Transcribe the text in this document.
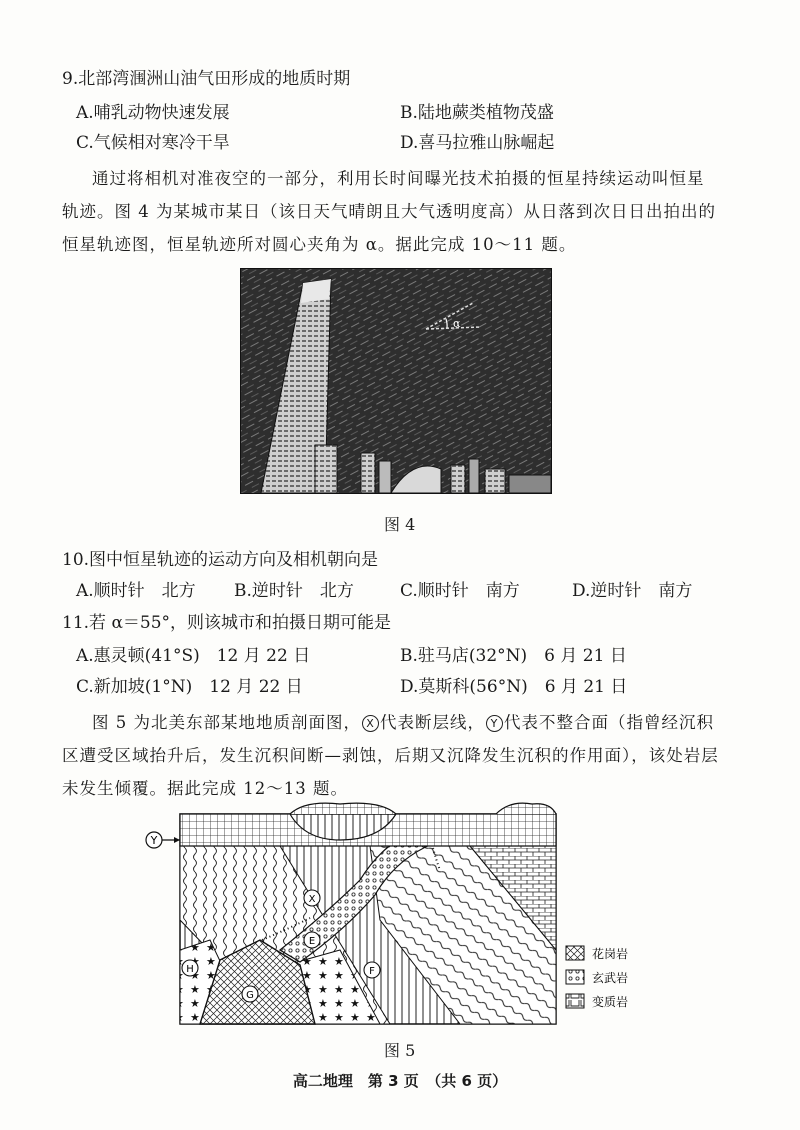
9.北部湾涠洲山油气田形成的地质时期
A.哺乳动物快速发展	B.陆地蕨类植物茂盛
C.气候相对寒冷干旱	D.喜马拉雅山脉崛起
通过将相机对准夜空的一部分，利用长时间曝光技术拍摄的恒星持续运动叫恒星
轨迹。图 4 为某城市某日（该日天气晴朗且大气透明度高）从日落到次日日出拍出的
恒星轨迹图，恒星轨迹所对圆心夹角为 α。据此完成 10～11 题。
α
图 4
10.图中恒星轨迹的运动方向及相机朝向是
A.顺时针　北方 B.逆时针　北方	C.顺时针　南方	D.逆时针　南方
11.若 α＝55°，则该城市和拍摄日期可能是
A.惠灵顿(41°S)　12 月 22 日	B.驻马店(32°N)　6 月 21 日
C.新加坡(1°N)　12 月 22 日	D.莫斯科(56°N)　6 月 21 日
图 5 为北美东部某地地质剖面图， X 代表断层线， Y 代表不整合面（指曾经沉积
区遭受区域抬升后，发生沉积间断—剥蚀，后期又沉降发生沉积的作用面），该处岩层
未发生倾覆。据此完成 12～13 题。
Y
X
E
F
H
G
花岗岩
玄武岩
变质岩
图 5
高二地理　第 3 页　（共 6 页）
